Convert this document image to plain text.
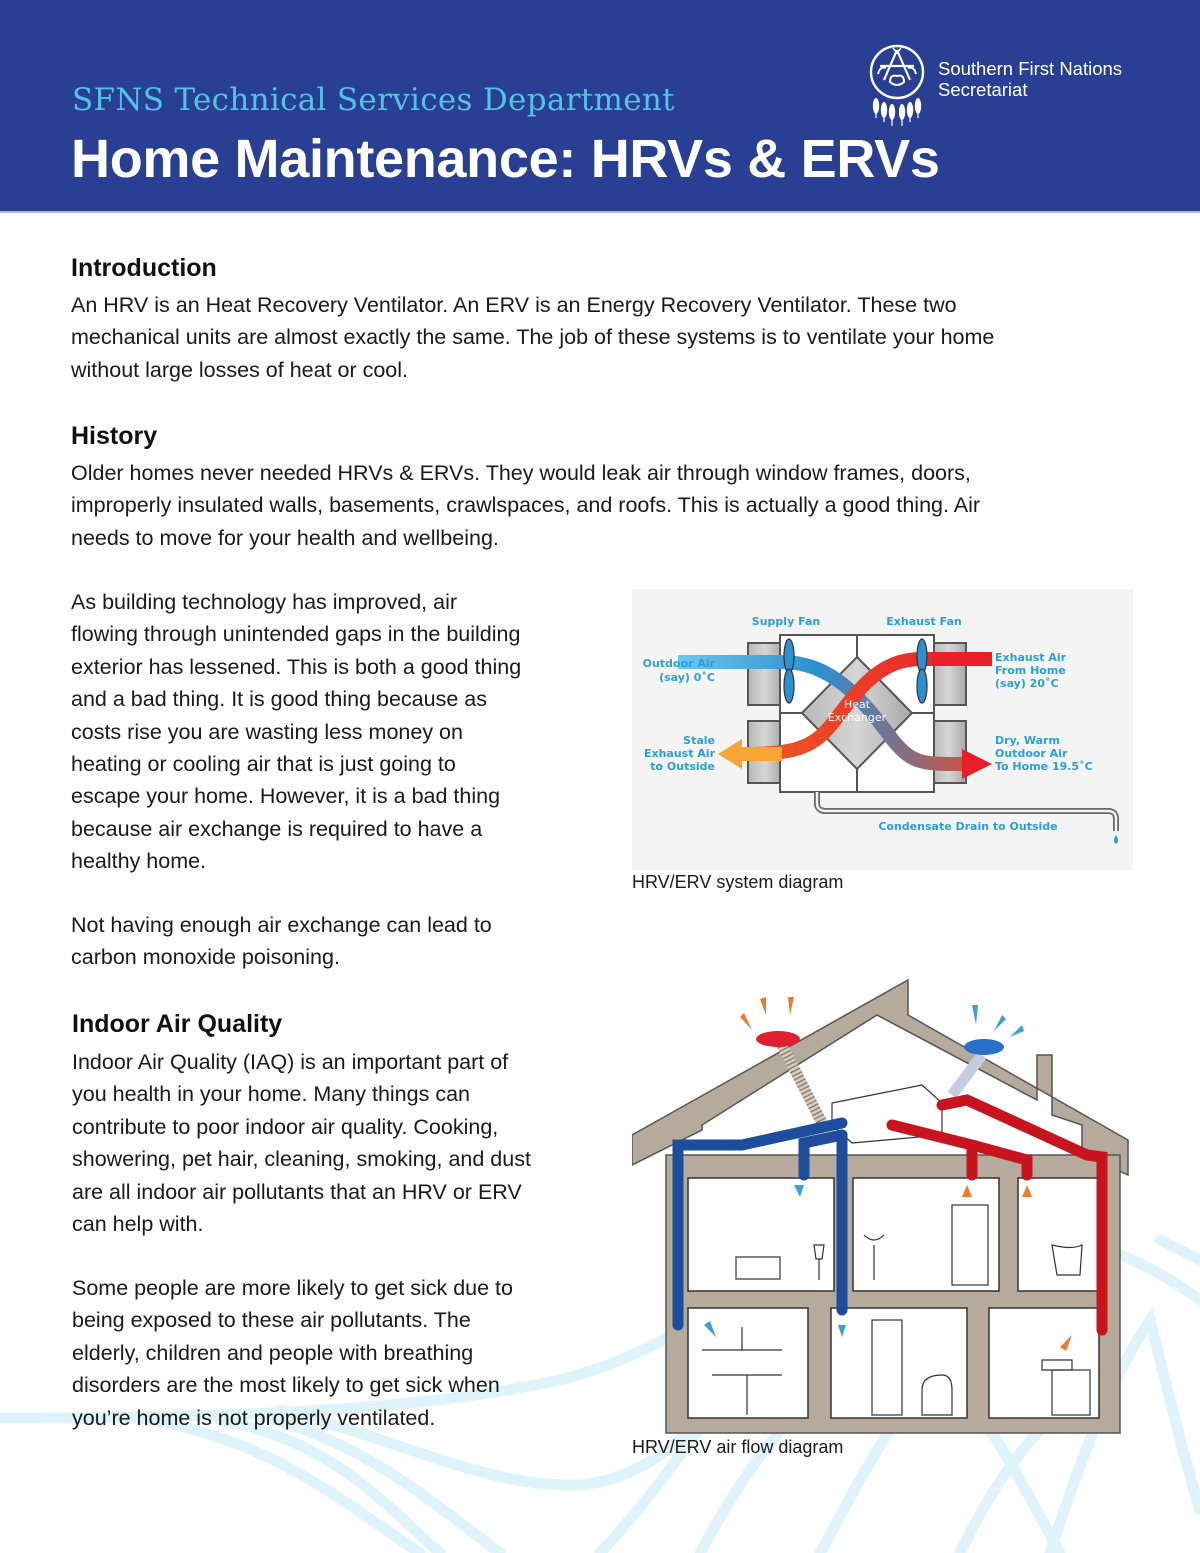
SFNS Technical Services Department
Home Maintenance: HRVs & ERVs
Southern First Nations
Secretariat
Introduction

An HRV is an Heat Recovery Ventilator. An ERV is an Energy Recovery Ventilator. These two
mechanical units are almost exactly the same. The job of these systems is to ventilate your home
without large losses of heat or cool.

History

Older homes never needed HRVs & ERVs. They would leak air through window frames, doors,
improperly insulated walls, basements, crawlspaces, and roofs. This is actually a good thing. Air
needs to move for your health and wellbeing.

As building technology has improved, air
flowing through unintended gaps in the building
exterior has lessened. This is both a good thing
and a bad thing. It is good thing because as
costs rise you are wasting less money on
heating or cooling air that is just going to
escape your home. However, it is a bad thing
because air exchange is required to have a
healthy home.

Not having enough air exchange can lead to
carbon monoxide poisoning.

Indoor Air Quality

Indoor Air Quality (IAQ) is an important part of
you health in your home. Many things can
contribute to poor indoor air quality. Cooking,
showering, pet hair, cleaning, smoking, and dust
are all indoor air pollutants that an HRV or ERV
can help with.

Some people are more likely to get sick due to
being exposed to these air pollutants. The
elderly, children and people with breathing
disorders are the most likely to get sick when
you’re home is not properly ventilated.

Supply Fan	Exhaust Fan
Outdoor Air
(say) 0˚C
Exhaust Air
From Home
(say) 20˚C
Stale
Exhaust Air
to Outside
Dry, Warm
Outdoor Air
To Home 19.5˚C
Heat
Exchanger
Condensate Drain to Outside
HRV/ERV system diagram
HRV/ERV air flow diagram
